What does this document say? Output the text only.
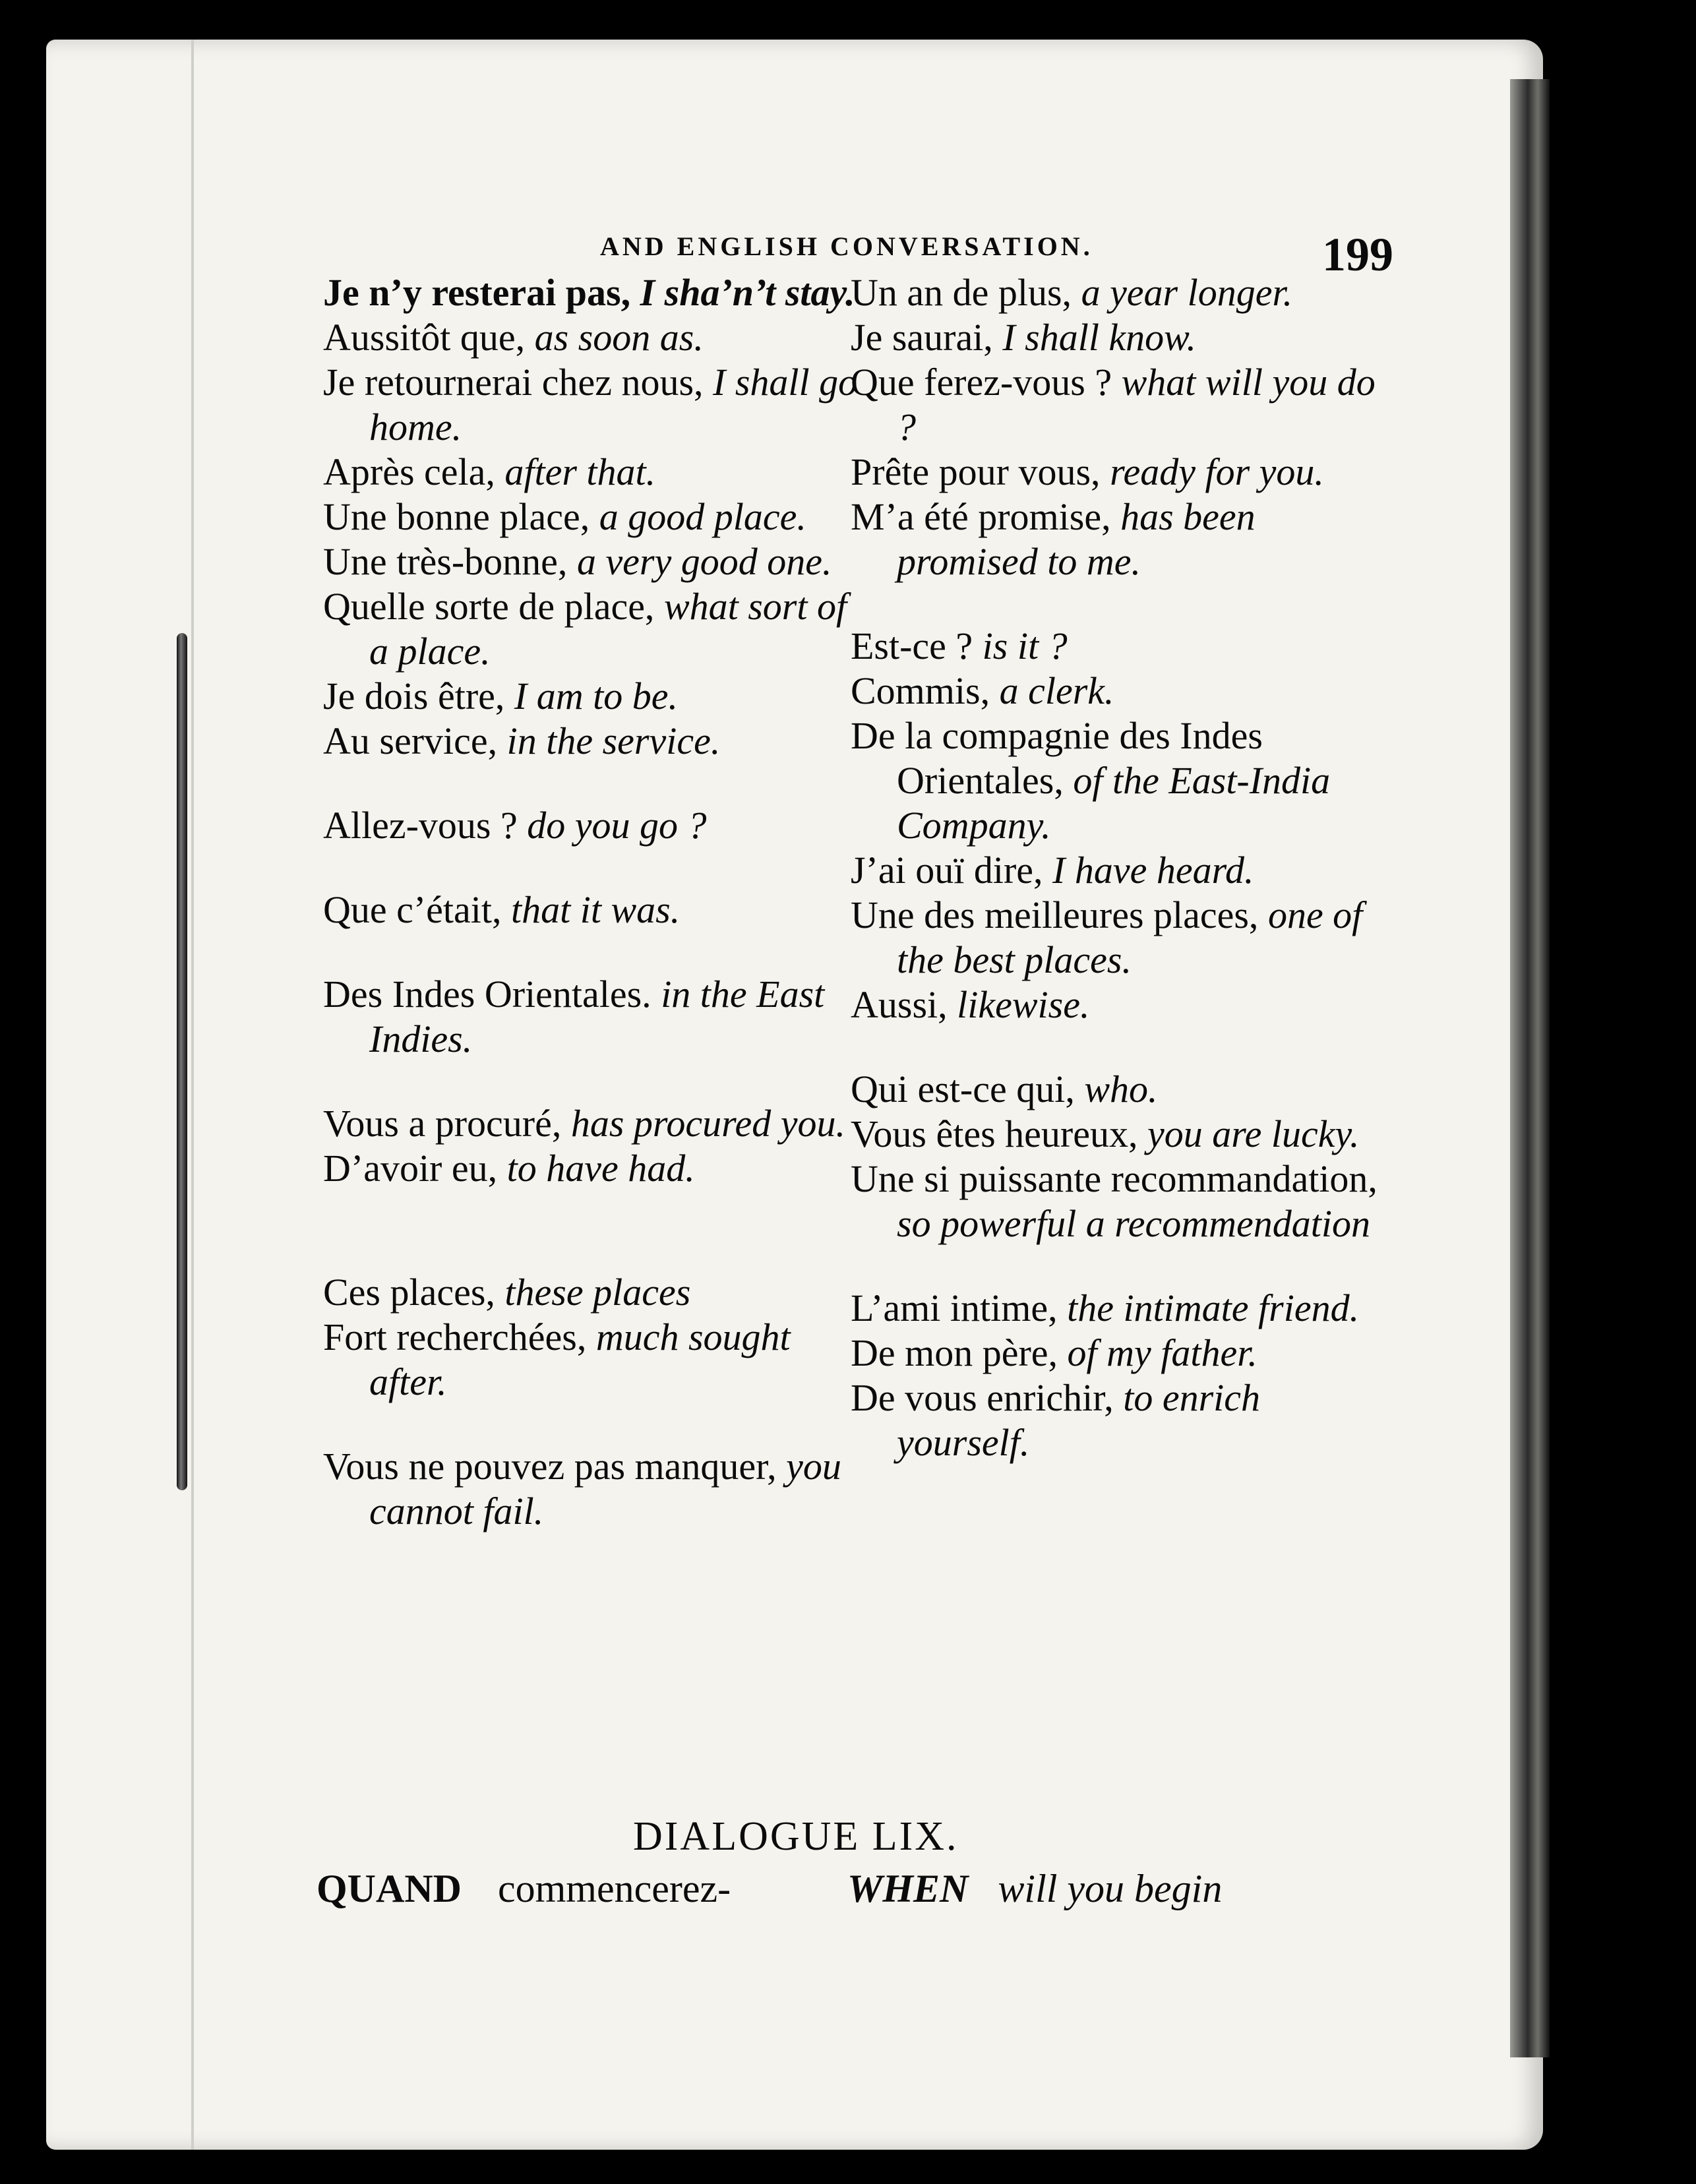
AND ENGLISH CONVERSATION.	199

Je n’y resterai pas, I sha’n’t stay.

Aussitôt que, as soon as.

Je retournerai chez nous, I shall go home.

Après cela, after that.

Une bonne place, a good place.

Une très-bonne, a very good one.

Quelle sorte de place, what sort of a place.

Je dois être, I am to be.

Au service, in the service.

Allez-vous ? do you go ?

Que c’était, that it was.

Des Indes Orientales. in the East Indies.

Vous a procuré, has procured you.

D’avoir eu, to have had.

Ces places, these places

Fort recherchées, much sought after.

Vous ne pouvez pas manquer, you cannot fail.

Un an de plus, a year longer.

Je saurai, I shall know.

Que ferez-vous ? what will you do ?

Prête pour vous, ready for you.

M’a été promise, has been promised to me.

Est-ce ? is it ?

Commis, a clerk.

De la compagnie des Indes Orientales, of the East-India Company.

J’ai ouï dire, I have heard.

Une des meilleures places, one of the best places.

Aussi, likewise.

Qui est-ce qui, who.

Vous êtes heureux, you are lucky.

Une si puissante recommandation, so powerful a recommendation

L’ami intime, the intimate friend.

De mon père, of my father.

De vous enrichir, to enrich yourself.

DIALOGUE LIX.
QUAND commencerez-	WHEN will you begin
